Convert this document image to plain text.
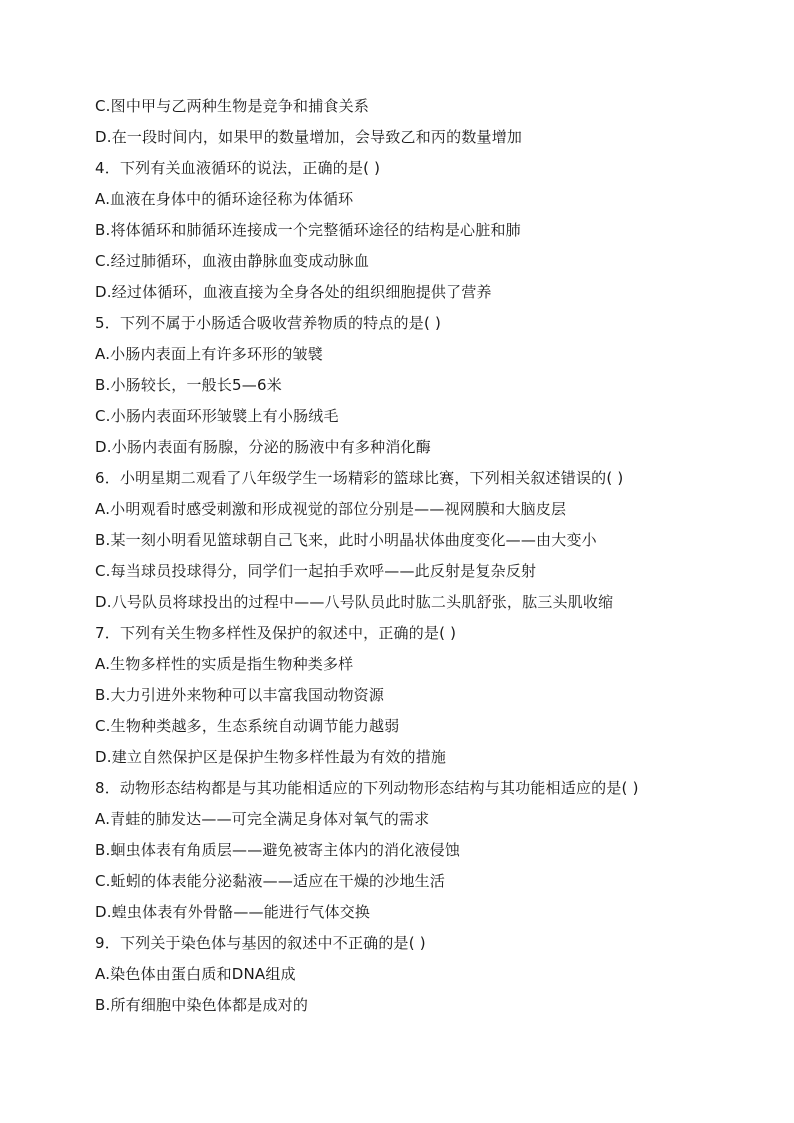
C.图中甲与乙两种生物是竞争和捕食关系
D.在一段时间内，如果甲的数量增加，会导致乙和丙的数量增加
4．下列有关血液循环的说法，正确的是( )
A.血液在身体中的循环途径称为体循环
B.将体循环和肺循环连接成一个完整循环途径的结构是心脏和肺
C.经过肺循环，血液由静脉血变成动脉血
D.经过体循环，血液直接为全身各处的组织细胞提供了营养
5．下列不属于小肠适合吸收营养物质的特点的是( )
A.小肠内表面上有许多环形的皱襞
B.小肠较长，一般长5—6米
C.小肠内表面环形皱襞上有小肠绒毛
D.小肠内表面有肠腺，分泌的肠液中有多种消化酶
6．小明星期二观看了八年级学生一场精彩的篮球比赛，下列相关叙述错误的( )
A.小明观看时感受刺激和形成视觉的部位分别是——视网膜和大脑皮层
B.某一刻小明看见篮球朝自己飞来，此时小明晶状体曲度变化——由大变小
C.每当球员投球得分，同学们一起拍手欢呼——此反射是复杂反射
D.八号队员将球投出的过程中——八号队员此时肱二头肌舒张，肱三头肌收缩
7．下列有关生物多样性及保护的叙述中，正确的是( )
A.生物多样性的实质是指生物种类多样
B.大力引进外来物种可以丰富我国动物资源
C.生物种类越多，生态系统自动调节能力越弱
D.建立自然保护区是保护生物多样性最为有效的措施
8．动物形态结构都是与其功能相适应的下列动物形态结构与其功能相适应的是( )
A.青蛙的肺发达——可完全满足身体对氧气的需求
B.蛔虫体表有角质层——避免被寄主体内的消化液侵蚀
C.蚯蚓的体表能分泌黏液——适应在干燥的沙地生活
D.蝗虫体表有外骨骼——能进行气体交换
9．下列关于染色体与基因的叙述中不正确的是( )
A.染色体由蛋白质和DNA组成
B.所有细胞中染色体都是成对的
